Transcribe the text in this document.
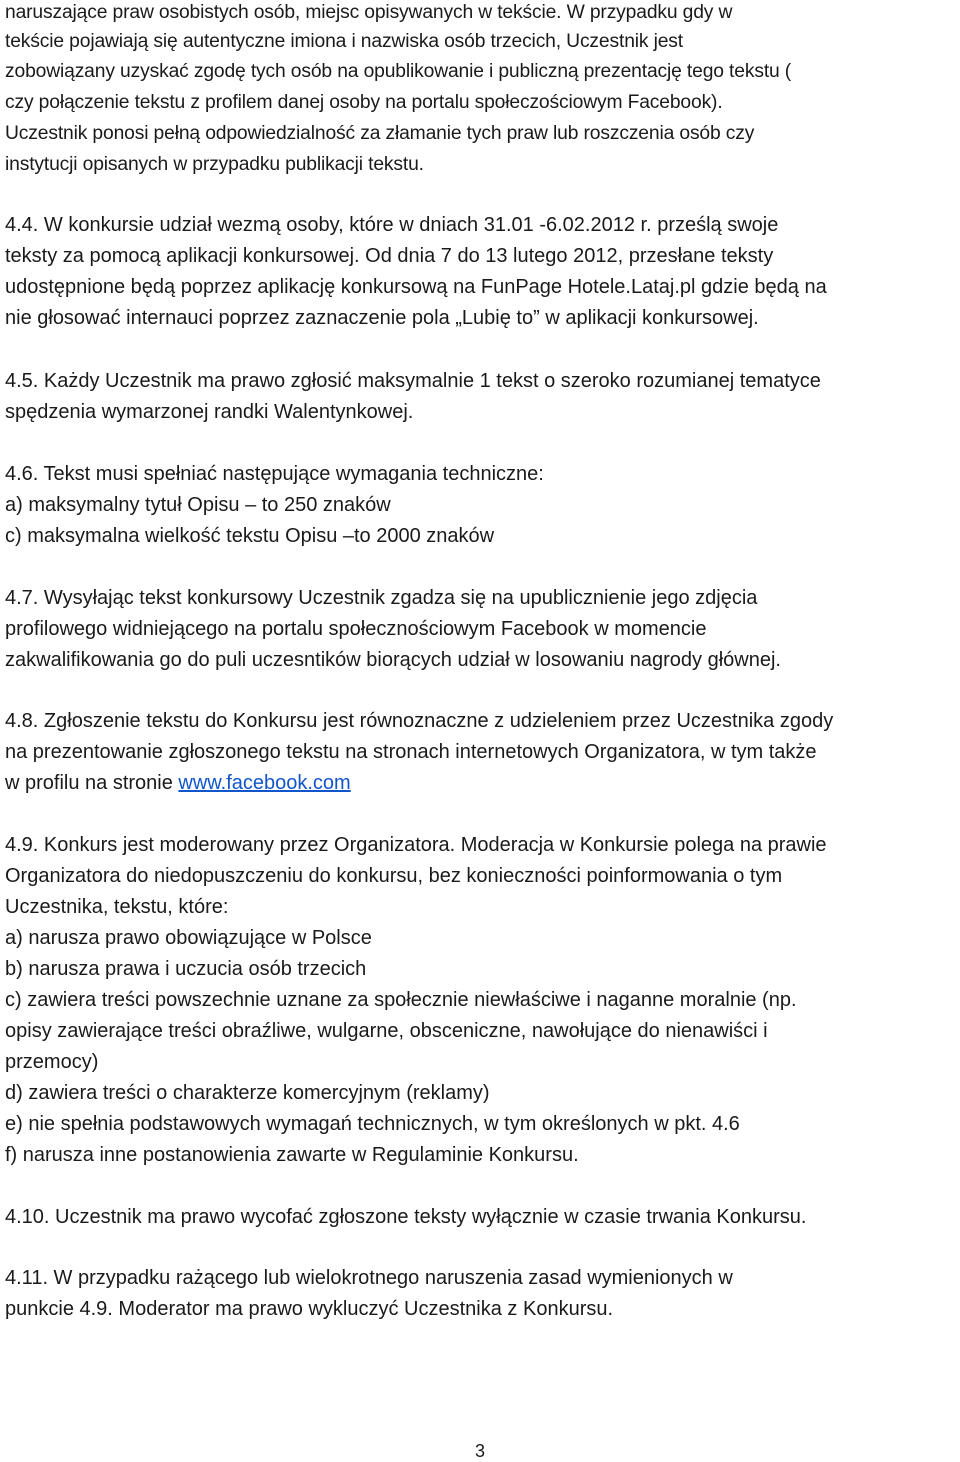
naruszające praw osobistych osób, miejsc opisywanych w tekście. W przypadku gdy w
tekście pojawiają się autentyczne imiona i nazwiska osób trzecich, Uczestnik jest
zobowiązany uzyskać zgodę tych osób na opublikowanie i publiczną prezentację tego tekstu (
czy połączenie tekstu z profilem danej osoby na portalu społeczościowym Facebook).
Uczestnik ponosi pełną odpowiedzialność za złamanie tych praw lub roszczenia osób czy
instytucji opisanych w przypadku publikacji tekstu.
4.4. W konkursie udział wezmą osoby, które w dniach 31.01 -6.02.2012 r. prześlą swoje
teksty za pomocą aplikacji konkursowej. Od dnia 7 do 13 lutego 2012, przesłane teksty
udostępnione będą poprzez aplikację konkursową na FunPage Hotele.Lataj.pl gdzie będą na
nie głosować internauci poprzez zaznaczenie pola „Lubię to” w aplikacji konkursowej.
4.5. Każdy Uczestnik ma prawo zgłosić maksymalnie 1 tekst o szeroko rozumianej tematyce
spędzenia wymarzonej randki Walentynkowej.
4.6. Tekst musi spełniać następujące wymagania techniczne:
a) maksymalny tytuł Opisu – to 250 znaków
c) maksymalna wielkość tekstu Opisu –to 2000 znaków
4.7. Wysyłając tekst konkursowy Uczestnik zgadza się na upublicznienie jego zdjęcia
profilowego widniejącego na portalu społecznościowym Facebook w momencie
zakwalifikowania go do puli uczesntików biorących udział w losowaniu nagrody głównej.
4.8. Zgłoszenie tekstu do Konkursu jest równoznaczne z udzieleniem przez Uczestnika zgody
na prezentowanie zgłoszonego tekstu na stronach internetowych Organizatora, w tym także
w profilu na stronie www.facebook.com
4.9. Konkurs jest moderowany przez Organizatora. Moderacja w Konkursie polega na prawie
Organizatora do niedopuszczeniu do konkursu, bez konieczności poinformowania o tym
Uczestnika, tekstu, które:
a) narusza prawo obowiązujące w Polsce
b) narusza prawa i uczucia osób trzecich
c) zawiera treści powszechnie uznane za społecznie niewłaściwe i naganne moralnie (np.
opisy zawierające treści obraźliwe, wulgarne, obsceniczne, nawołujące do nienawiści i
przemocy)
d) zawiera treści o charakterze komercyjnym (reklamy)
e) nie spełnia podstawowych wymagań technicznych, w tym określonych w pkt. 4.6
f) narusza inne postanowienia zawarte w Regulaminie Konkursu.
4.10. Uczestnik ma prawo wycofać zgłoszone teksty wyłącznie w czasie trwania Konkursu.
4.11. W przypadku rażącego lub wielokrotnego naruszenia zasad wymienionych w
punkcie 4.9. Moderator ma prawo wykluczyć Uczestnika z Konkursu.
3
